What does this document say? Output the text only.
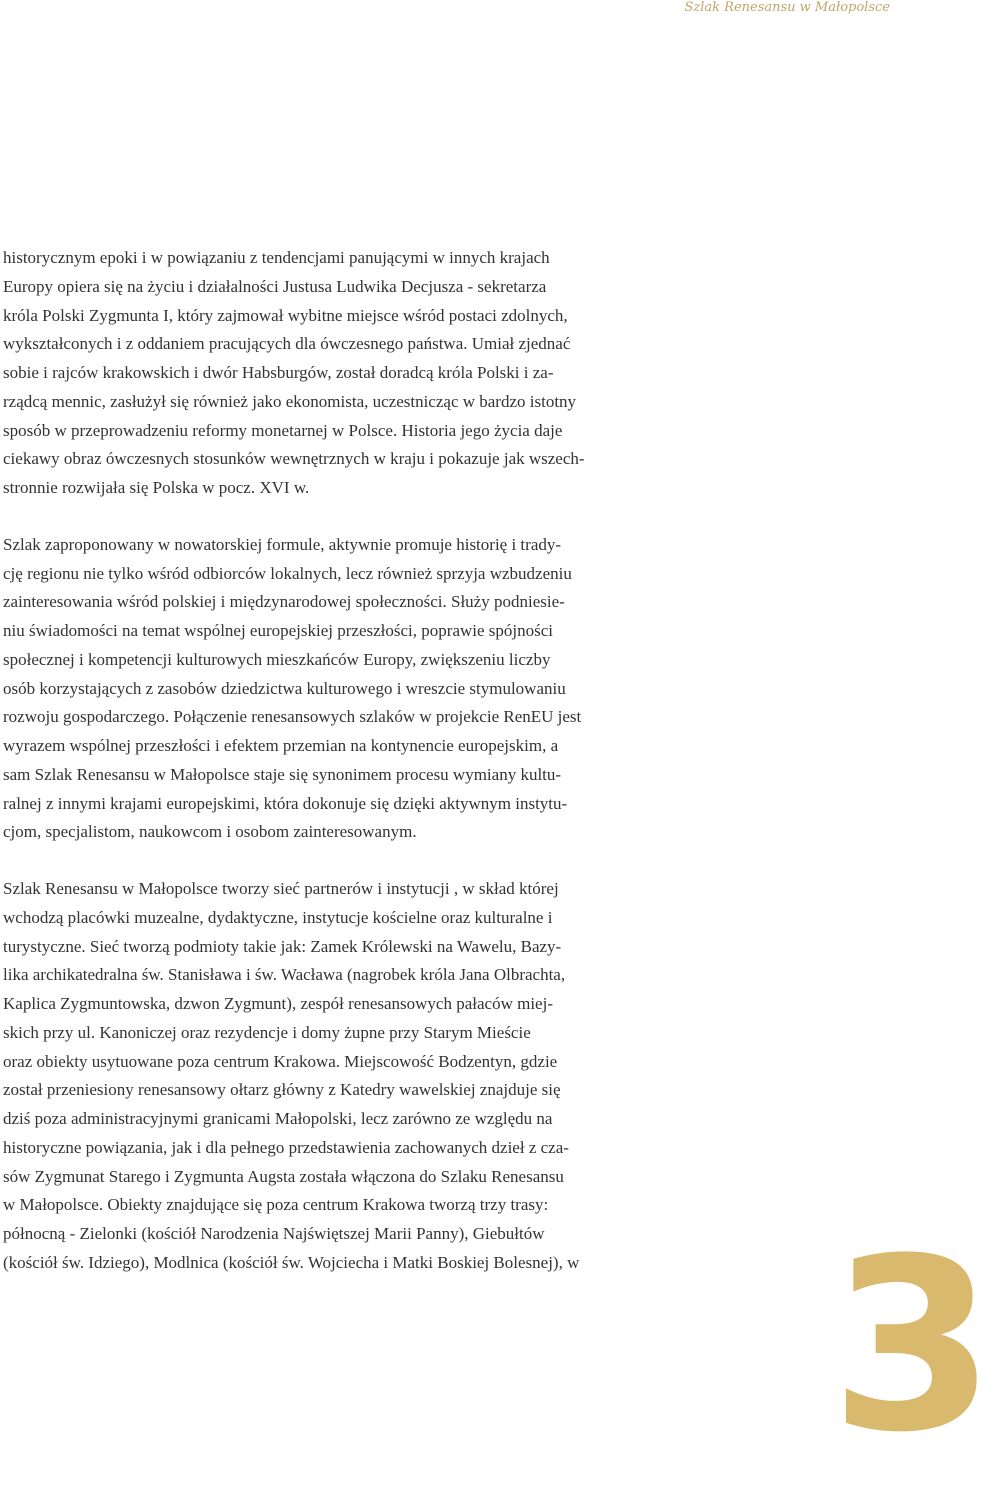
Szlak Renesansu w Małopolsce

historycznym epoki i w powiązaniu z tendencjami panującymi w innych krajach
Europy opiera się na życiu i działalności Justusa Ludwika Decjusza - sekretarza
króla Polski Zygmunta I, który zajmował wybitne miejsce wśród postaci zdolnych,
wykształconych i z oddaniem pracujących dla ówczesnego państwa. Umiał zjednać
sobie i rajców krakowskich i dwór Habsburgów, został doradcą króla Polski i za-
rządcą mennic, zasłużył się również jako ekonomista, uczestnicząc w bardzo istotny
sposób w przeprowadzeniu reformy monetarnej w Polsce. Historia jego życia daje
ciekawy obraz ówczesnych stosunków wewnętrznych w kraju i pokazuje jak wszech-
stronnie rozwijała się Polska w pocz. XVI w.

Szlak zaproponowany w nowatorskiej formule, aktywnie promuje historię i trady-
cję regionu nie tylko wśród odbiorców lokalnych, lecz również sprzyja wzbudzeniu
zainteresowania wśród polskiej i międzynarodowej społeczności. Służy podniesie-
niu świadomości na temat wspólnej europejskiej przeszłości, poprawie spójności
społecznej i kompetencji kulturowych mieszkańców Europy, zwiększeniu liczby
osób korzystających z zasobów dziedzictwa kulturowego i wreszcie stymulowaniu
rozwoju gospodarczego. Połączenie renesansowych szlaków w projekcie RenEU jest
wyrazem wspólnej przeszłości i efektem przemian na kontynencie europejskim, a
sam Szlak Renesansu w Małopolsce staje się synonimem procesu wymiany kultu-
ralnej z innymi krajami europejskimi, która dokonuje się dzięki aktywnym instytu-
cjom, specjalistom, naukowcom i osobom zainteresowanym.

Szlak Renesansu w Małopolsce tworzy sieć partnerów i instytucji , w skład której
wchodzą placówki muzealne, dydaktyczne, instytucje kościelne oraz kulturalne i
turystyczne. Sieć tworzą podmioty takie jak: Zamek Królewski na Wawelu, Bazy-
lika archikatedralna św. Stanisława i św. Wacława (nagrobek króla Jana Olbrachta,
Kaplica Zygmuntowska, dzwon Zygmunt), zespół renesansowych pałaców miej-
skich przy ul. Kanoniczej oraz rezydencje i domy żupne przy Starym Mieście
oraz obiekty usytuowane poza centrum Krakowa. Miejscowość Bodzentyn, gdzie
został przeniesiony renesansowy ołtarz główny z Katedry wawelskiej znajduje się
dziś poza administracyjnymi granicami Małopolski, lecz zarówno ze względu na
historyczne powiązania, jak i dla pełnego przedstawienia zachowanych dzieł z cza-
sów Zygmunat Starego i Zygmunta Augsta została włączona do Szlaku Renesansu
w Małopolsce. Obiekty znajdujące się poza centrum Krakowa tworzą trzy trasy:
północną - Zielonki (kościół Narodzenia Najświętszej Marii Panny), Giebułtów
(kościół św. Idziego), Modlnica (kościół św. Wojciecha i Matki Boskiej Bolesnej), w	3
